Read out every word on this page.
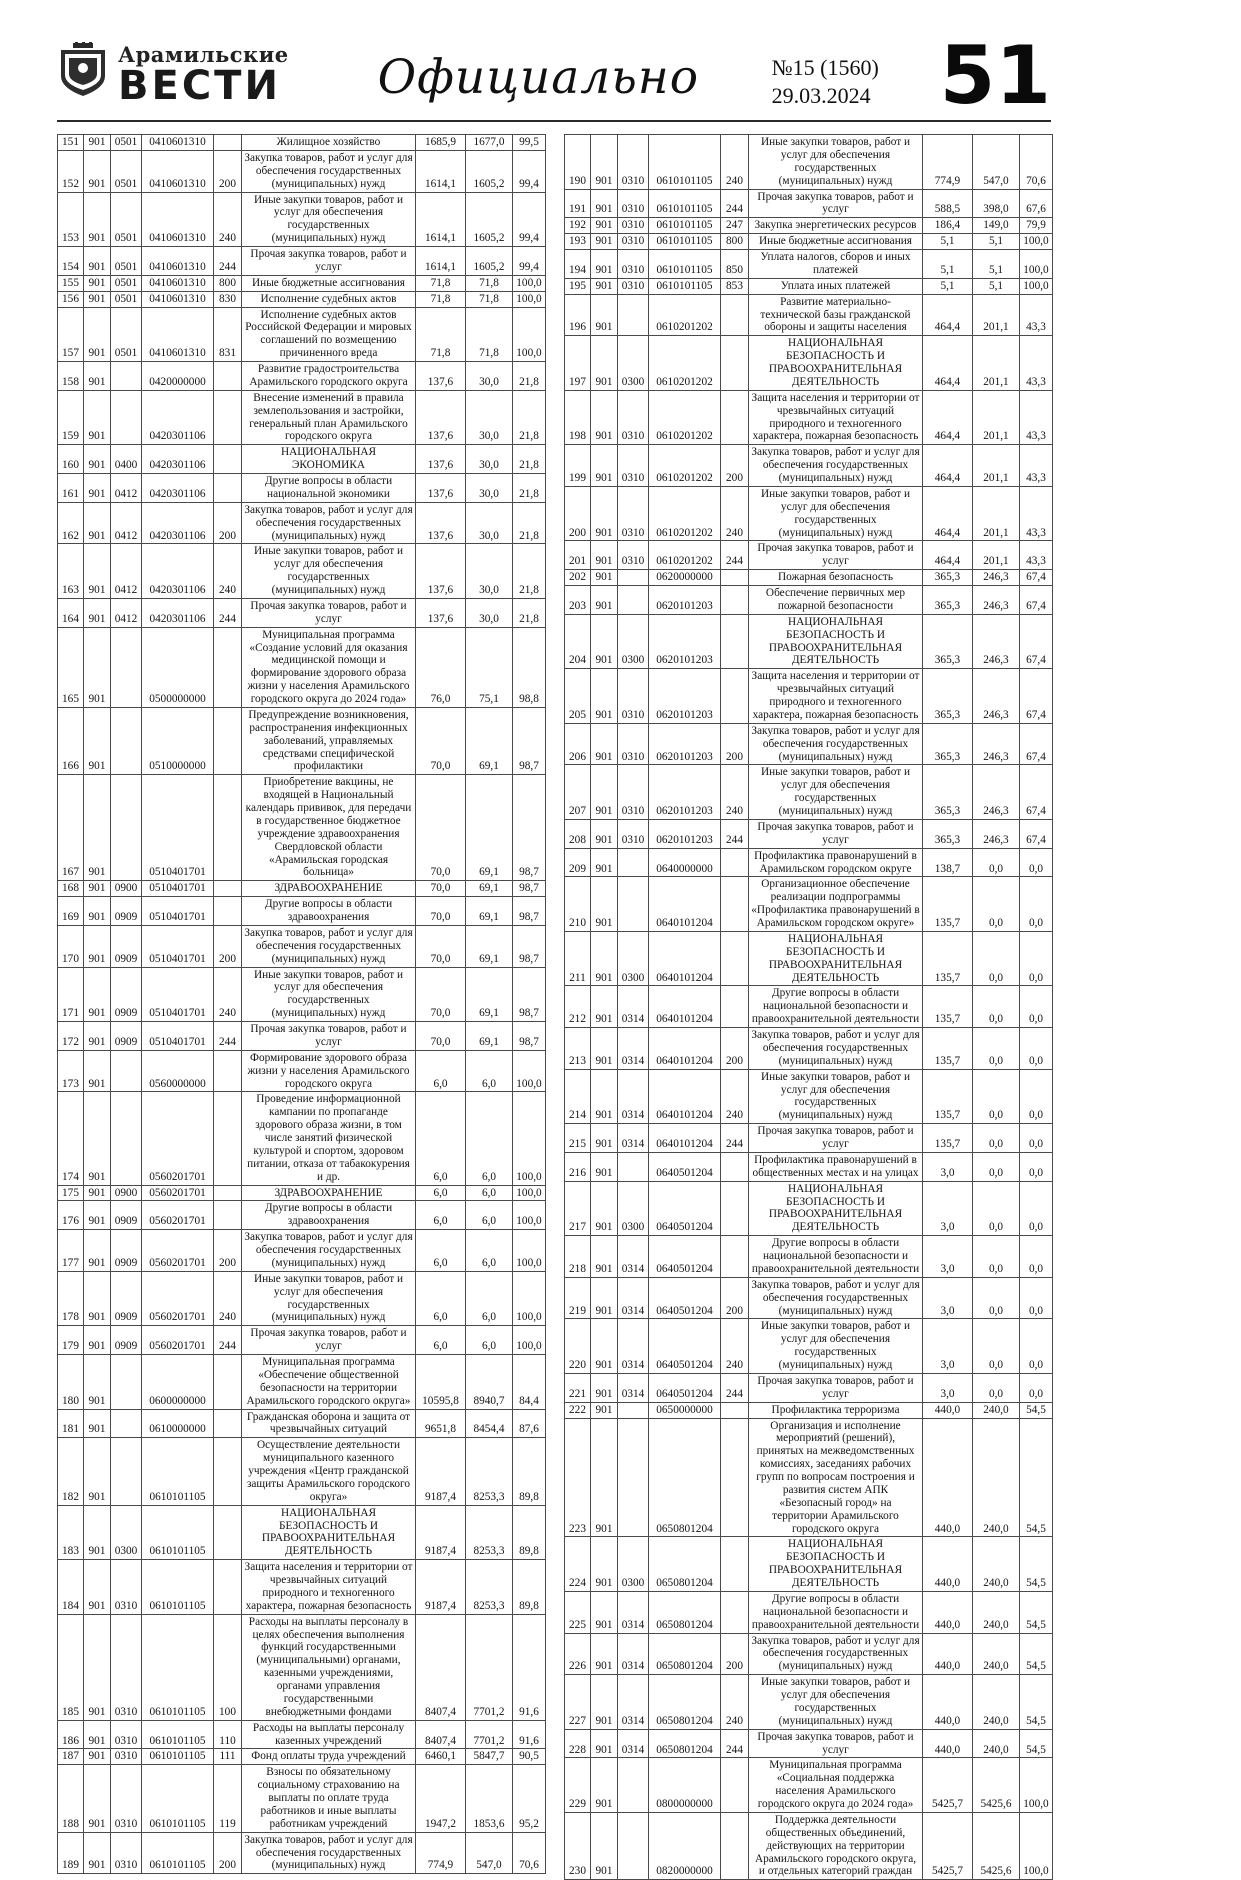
Арамильские
ВЕСТИ	Официально	№15 (1560)
29.03.2024 51
151	901	0501	0410601310		Жилищное хозяйство	1685,9	1677,0	99,5
152	901	0501	0410601310	200	Закупка товаров, работ и услуг для обеспечения государственных (муниципальных) нужд	1614,1	1605,2	99,4
153	901	0501	0410601310	240	Иные закупки товаров, работ и услуг для обеспечения государственных (муниципальных) нужд	1614,1	1605,2	99,4
154	901	0501	0410601310	244	Прочая закупка товаров, работ и услуг	1614,1	1605,2	99,4
155	901	0501	0410601310	800	Иные бюджетные ассигнования	71,8	71,8	100,0
156	901	0501	0410601310	830	Исполнение судебных актов	71,8	71,8	100,0
157	901	0501	0410601310	831	Исполнение судебных актов Российской Федерации и мировых соглашений по возмещению причиненного вреда	71,8	71,8	100,0
158	901		0420000000		Развитие градостроительства Арамильского городского округа	137,6	30,0	21,8
159	901		0420301106		Внесение изменений в правила землепользования и застройки, генеральный план Арамильского городского округа	137,6	30,0	21,8
160	901	0400	0420301106		НАЦИОНАЛЬНАЯ ЭКОНОМИКА	137,6	30,0	21,8
161	901	0412	0420301106		Другие вопросы в области национальной экономики	137,6	30,0	21,8
162	901	0412	0420301106	200	Закупка товаров, работ и услуг для обеспечения государственных (муниципальных) нужд	137,6	30,0	21,8
163	901	0412	0420301106	240	Иные закупки товаров, работ и услуг для обеспечения государственных (муниципальных) нужд	137,6	30,0	21,8
164	901	0412	0420301106	244	Прочая закупка товаров, работ и услуг	137,6	30,0	21,8
165	901		0500000000		Муниципальная программа «Создание условий для оказания медицинской помощи и формирование здорового образа жизни у населения Арамильского городского округа до 2024 года»	76,0	75,1	98,8
166	901		0510000000		Предупреждение возникновения, распространения инфекционных заболеваний, управляемых средствами специфической профилактики	70,0	69,1	98,7
167	901		0510401701		Приобретение вакцины, не входящей в Национальный календарь прививок, для передачи в государственное бюджетное учреждение здравоохранения Свердловской области «Арамильская городская больница»	70,0	69,1	98,7
168	901	0900	0510401701		ЗДРАВООХРАНЕНИЕ	70,0	69,1	98,7
169	901	0909	0510401701		Другие вопросы в области здравоохранения	70,0	69,1	98,7
170	901	0909	0510401701	200	Закупка товаров, работ и услуг для обеспечения государственных (муниципальных) нужд	70,0	69,1	98,7
171	901	0909	0510401701	240	Иные закупки товаров, работ и услуг для обеспечения государственных (муниципальных) нужд	70,0	69,1	98,7
172	901	0909	0510401701	244	Прочая закупка товаров, работ и услуг	70,0	69,1	98,7
173	901		0560000000		Формирование здорового образа жизни у населения Арамильского городского округа	6,0	6,0	100,0
174	901		0560201701		Проведение информационной кампании по пропаганде здорового образа жизни, в том числе занятий физической культурой и спортом, здоровом питании, отказа от табакокурения и др.	6,0	6,0	100,0
175	901	0900	0560201701		ЗДРАВООХРАНЕНИЕ	6,0	6,0	100,0
176	901	0909	0560201701		Другие вопросы в области здравоохранения	6,0	6,0	100,0
177	901	0909	0560201701	200	Закупка товаров, работ и услуг для обеспечения государственных (муниципальных) нужд	6,0	6,0	100,0
178	901	0909	0560201701	240	Иные закупки товаров, работ и услуг для обеспечения государственных (муниципальных) нужд	6,0	6,0	100,0
179	901	0909	0560201701	244	Прочая закупка товаров, работ и услуг	6,0	6,0	100,0
180	901		0600000000		Муниципальная программа «Обеспечение общественной безопасности на территории Арамильского городского округа»	10595,8	8940,7	84,4
181	901		0610000000		Гражданская оборона и защита от чрезвычайных ситуаций	9651,8	8454,4	87,6
182	901		0610101105		Осуществление деятельности муниципального казенного учреждения «Центр гражданской защиты Арамильского городского округа»	9187,4	8253,3	89,8
183	901	0300	0610101105		НАЦИОНАЛЬНАЯ БЕЗОПАСНОСТЬ И ПРАВООХРАНИТЕЛЬНАЯ ДЕЯТЕЛЬНОСТЬ	9187,4	8253,3	89,8
184	901	0310	0610101105		Защита населения и территории от чрезвычайных ситуаций природного и техногенного характера, пожарная безопасность	9187,4	8253,3	89,8
185	901	0310	0610101105	100	Расходы на выплаты персоналу в целях обеспечения выполнения функций государственными (муниципальными) органами, казенными учреждениями, органами управления государственными внебюджетными фондами	8407,4	7701,2	91,6
186	901	0310	0610101105	110	Расходы на выплаты персоналу казенных учреждений	8407,4	7701,2	91,6
187	901	0310	0610101105	111	Фонд оплаты труда учреждений	6460,1	5847,7	90,5
188	901	0310	0610101105	119	Взносы по обязательному социальному страхованию на выплаты по оплате труда работников и иные выплаты работникам учреждений	1947,2	1853,6	95,2
189	901	0310	0610101105	200	Закупка товаров, работ и услуг для обеспечения государственных (муниципальных) нужд	774,9	547,0	70,6
190	901	0310	0610101105	240	Иные закупки товаров, работ и услуг для обеспечения государственных (муниципальных) нужд	774,9	547,0	70,6
191	901	0310	0610101105	244	Прочая закупка товаров, работ и услуг	588,5	398,0	67,6
192	901	0310	0610101105	247	Закупка энергетических ресурсов	186,4	149,0	79,9
193	901	0310	0610101105	800	Иные бюджетные ассигнования	5,1	5,1	100,0
194	901	0310	0610101105	850	Уплата налогов, сборов и иных платежей	5,1	5,1	100,0
195	901	0310	0610101105	853	Уплата иных платежей	5,1	5,1	100,0
196	901		0610201202		Развитие материально-технической базы гражданской обороны и защиты населения	464,4	201,1	43,3
197	901	0300	0610201202		НАЦИОНАЛЬНАЯ БЕЗОПАСНОСТЬ И ПРАВООХРАНИТЕЛЬНАЯ ДЕЯТЕЛЬНОСТЬ	464,4	201,1	43,3
198	901	0310	0610201202		Защита населения и территории от чрезвычайных ситуаций природного и техногенного характера, пожарная безопасность	464,4	201,1	43,3
199	901	0310	0610201202	200	Закупка товаров, работ и услуг для обеспечения государственных (муниципальных) нужд	464,4	201,1	43,3
200	901	0310	0610201202	240	Иные закупки товаров, работ и услуг для обеспечения государственных (муниципальных) нужд	464,4	201,1	43,3
201	901	0310	0610201202	244	Прочая закупка товаров, работ и услуг	464,4	201,1	43,3
202	901		0620000000		Пожарная безопасность	365,3	246,3	67,4
203	901		0620101203		Обеспечение первичных мер пожарной безопасности	365,3	246,3	67,4
204	901	0300	0620101203		НАЦИОНАЛЬНАЯ БЕЗОПАСНОСТЬ И ПРАВООХРАНИТЕЛЬНАЯ ДЕЯТЕЛЬНОСТЬ	365,3	246,3	67,4
205	901	0310	0620101203		Защита населения и территории от чрезвычайных ситуаций природного и техногенного характера, пожарная безопасность	365,3	246,3	67,4
206	901	0310	0620101203	200	Закупка товаров, работ и услуг для обеспечения государственных (муниципальных) нужд	365,3	246,3	67,4
207	901	0310	0620101203	240	Иные закупки товаров, работ и услуг для обеспечения государственных (муниципальных) нужд	365,3	246,3	67,4
208	901	0310	0620101203	244	Прочая закупка товаров, работ и услуг	365,3	246,3	67,4
209	901		0640000000		Профилактика правонарушений в Арамильском городском округе	138,7	0,0	0,0
210	901		0640101204		Организационное обеспечение реализации подпрограммы «Профилактика правонарушений в Арамильском городском округе»	135,7	0,0	0,0
211	901	0300	0640101204		НАЦИОНАЛЬНАЯ БЕЗОПАСНОСТЬ И ПРАВООХРАНИТЕЛЬНАЯ ДЕЯТЕЛЬНОСТЬ	135,7	0,0	0,0
212	901	0314	0640101204		Другие вопросы в области национальной безопасности и правоохранительной деятельности	135,7	0,0	0,0
213	901	0314	0640101204	200	Закупка товаров, работ и услуг для обеспечения государственных (муниципальных) нужд	135,7	0,0	0,0
214	901	0314	0640101204	240	Иные закупки товаров, работ и услуг для обеспечения государственных (муниципальных) нужд	135,7	0,0	0,0
215	901	0314	0640101204	244	Прочая закупка товаров, работ и услуг	135,7	0,0	0,0
216	901		0640501204		Профилактика правонарушений в общественных местах и на улицах	3,0	0,0	0,0
217	901	0300	0640501204		НАЦИОНАЛЬНАЯ БЕЗОПАСНОСТЬ И ПРАВООХРАНИТЕЛЬНАЯ ДЕЯТЕЛЬНОСТЬ	3,0	0,0	0,0
218	901	0314	0640501204		Другие вопросы в области национальной безопасности и правоохранительной деятельности	3,0	0,0	0,0
219	901	0314	0640501204	200	Закупка товаров, работ и услуг для обеспечения государственных (муниципальных) нужд	3,0	0,0	0,0
220	901	0314	0640501204	240	Иные закупки товаров, работ и услуг для обеспечения государственных (муниципальных) нужд	3,0	0,0	0,0
221	901	0314	0640501204	244	Прочая закупка товаров, работ и услуг	3,0	0,0	0,0
222	901		0650000000		Профилактика терроризма	440,0	240,0	54,5
223	901		0650801204		Организация и исполнение мероприятий (решений), принятых на межведомственных комиссиях, заседаниях рабочих групп по вопросам построения и развития систем АПК «Безопасный город» на территории Арамильского городского округа	440,0	240,0	54,5
224	901	0300	0650801204		НАЦИОНАЛЬНАЯ БЕЗОПАСНОСТЬ И ПРАВООХРАНИТЕЛЬНАЯ ДЕЯТЕЛЬНОСТЬ	440,0	240,0	54,5
225	901	0314	0650801204		Другие вопросы в области национальной безопасности и правоохранительной деятельности	440,0	240,0	54,5
226	901	0314	0650801204	200	Закупка товаров, работ и услуг для обеспечения государственных (муниципальных) нужд	440,0	240,0	54,5
227	901	0314	0650801204	240	Иные закупки товаров, работ и услуг для обеспечения государственных (муниципальных) нужд	440,0	240,0	54,5
228	901	0314	0650801204	244	Прочая закупка товаров, работ и услуг	440,0	240,0	54,5
229	901		0800000000		Муниципальная программа «Социальная поддержка населения Арамильского городского округа до 2024 года»	5425,7	5425,6	100,0
230	901		0820000000		Поддержка деятельности общественных объединений, действующих на территории Арамильского городского округа, и отдельных категорий граждан	5425,7	5425,6	100,0
